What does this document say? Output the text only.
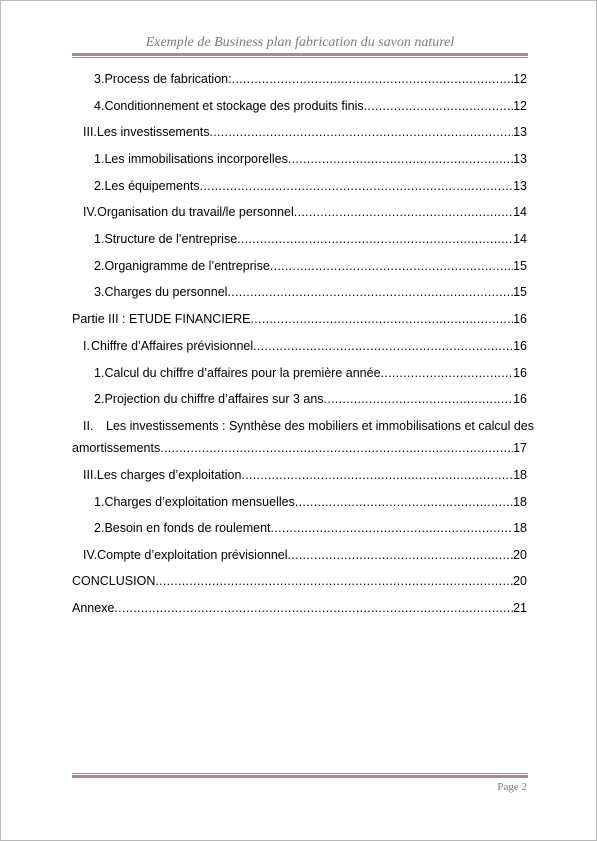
Exemple de Business plan fabrication du savon naturel
3. Process de fabrication: .....	12
4. Conditionnement et stockage des produits finis .....	12
III. Les investissements .....	13
1. Les immobilisations incorporelles .....	13
2. Les équipements .....	13
IV. Organisation du travail/le personnel .....	14
1. Structure de l’entreprise .....	14
2. Organigramme de l’entreprise .....	15
3. Charges du personnel .....	15
Partie III : ETUDE FINANCIERE .....	16
I. Chiffre d’Affaires prévisionnel .....	16
1. Calcul du chiffre d’affaires pour la première année .....	16
2. Projection du chiffre d’affaires sur 3 ans .....	16
II. Les investissements : Synthèse des mobiliers et immobilisations et calcul des
amortissements .....	17
III. Les charges d’exploitation .....	18
1. Charges d’exploitation mensuelles .....	18
2. Besoin en fonds de roulement .....	18
IV. Compte d’exploitation prévisionnel .....	20
CONCLUSION .....	20
Annexe .....	21
Page 2
